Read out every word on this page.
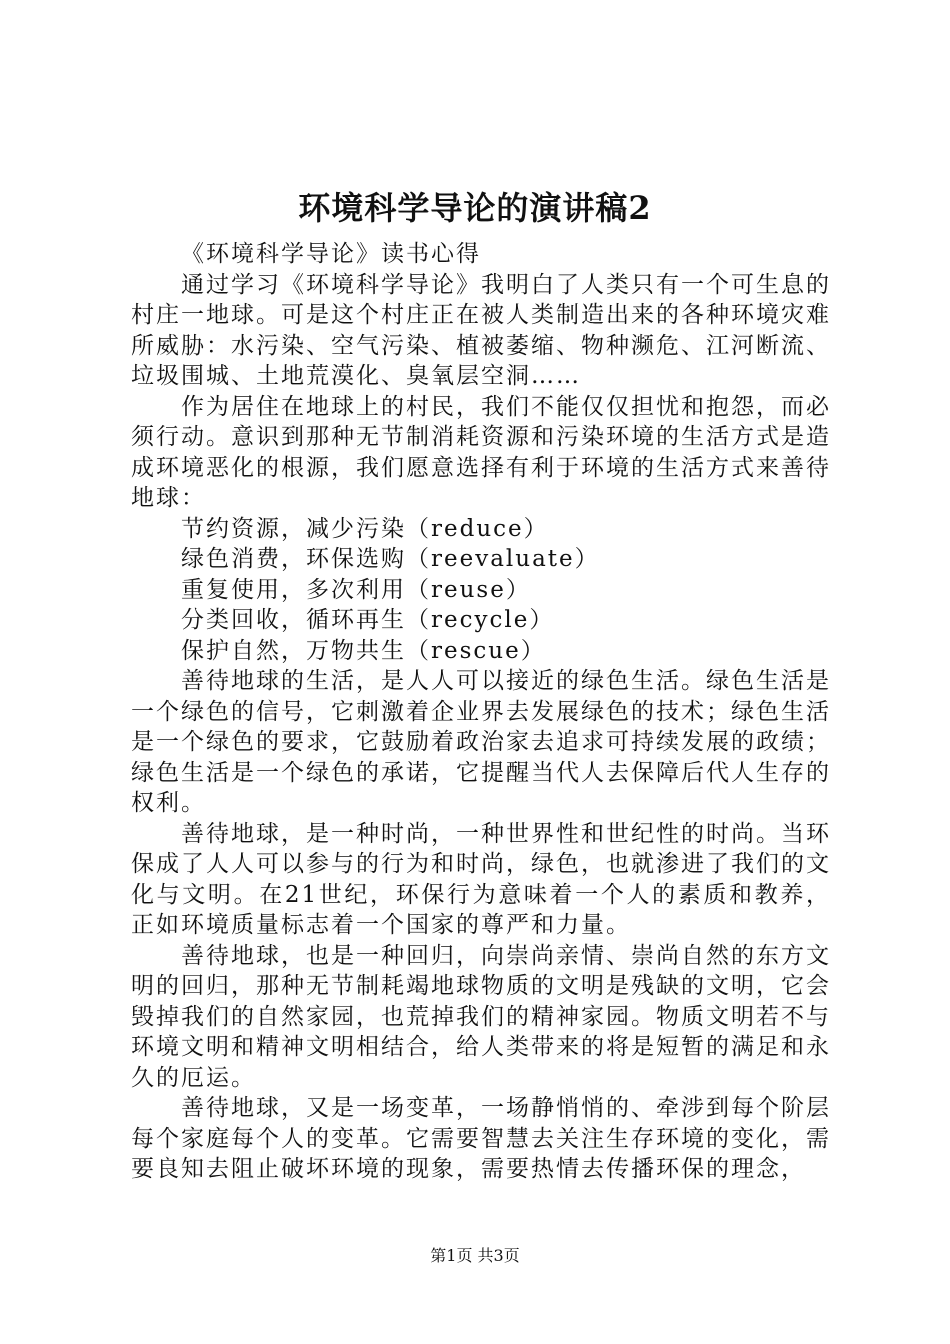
环境科学导论的演讲稿2

《环境科学导论》读书心得

通过学习《环境科学导论》我明白了人类只有一个可生息的村庄一地球。可是这个村庄正在被人类制造出来的各种环境灾难所威胁：水污染、空气污染、植被萎缩、物种濒危、江河断流、垃圾围城、土地荒漠化、臭氧层空洞……

作为居住在地球上的村民，我们不能仅仅担忧和抱怨，而必须行动。意识到那种无节制消耗资源和污染环境的生活方式是造成环境恶化的根源，我们愿意选择有利于环境的生活方式来善待地球：

节约资源，减少污染（reduce）

绿色消费，环保选购（reevaluate）

重复使用，多次利用（reuse）

分类回收，循环再生（recycle）

保护自然，万物共生（rescue）

善待地球的生活，是人人可以接近的绿色生活。绿色生活是一个绿色的信号，它刺激着企业界去发展绿色的技术；绿色生活是一个绿色的要求，它鼓励着政治家去追求可持续发展的政绩；绿色生活是一个绿色的承诺，它提醒当代人去保障后代人生存的权利。

善待地球，是一种时尚，一种世界性和世纪性的时尚。当环保成了人人可以参与的行为和时尚，绿色，也就渗进了我们的文化与文明。在21世纪，环保行为意味着一个人的素质和教养，正如环境质量标志着一个国家的尊严和力量。

善待地球，也是一种回归，向崇尚亲情、崇尚自然的东方文明的回归，那种无节制耗竭地球物质的文明是残缺的文明，它会毁掉我们的自然家园，也荒掉我们的精神家园。物质文明若不与环境文明和精神文明相结合，给人类带来的将是短暂的满足和永久的厄运。

善待地球，又是一场变革，一场静悄悄的、牵涉到每个阶层每个家庭每个人的变革。它需要智慧去关注生存环境的变化，需要良知去阻止破坏环境的现象，需要热情去传播环保的理念，

第1页 共3页
